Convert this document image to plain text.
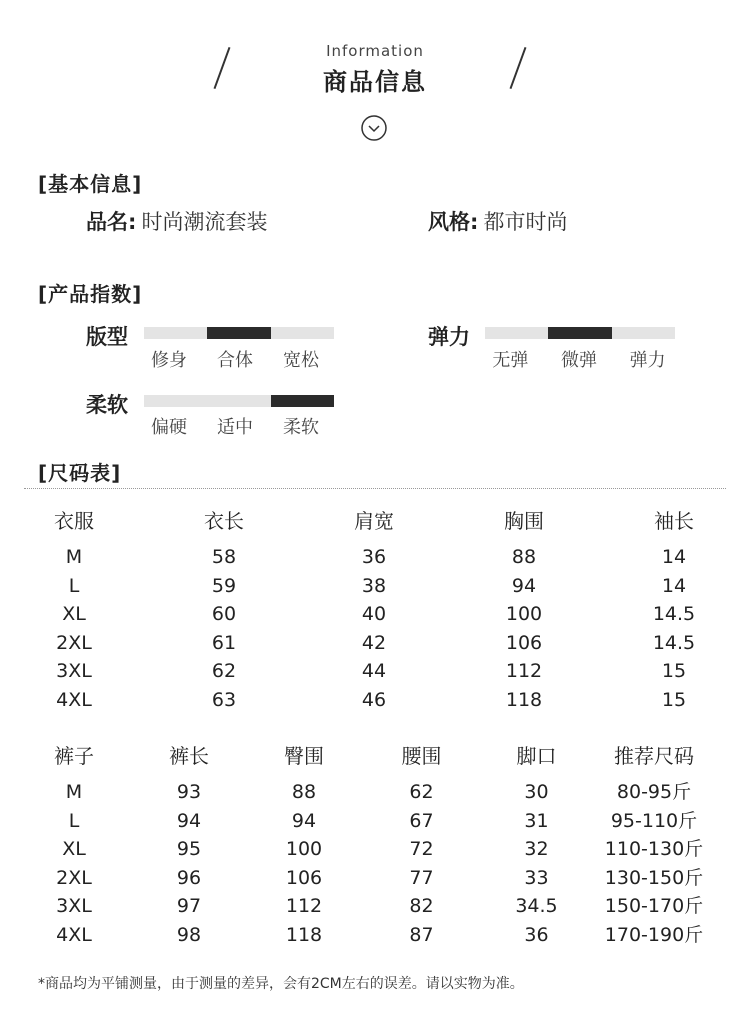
Information
商品信息
[基本信息]
品名: 时尚潮流套装	风格: 都市时尚
[产品指数]
版型
修身	合体	宽松
弹力
无弹	微弹	弹力
柔软
偏硬	适中	柔软
[尺码表]
衣服	衣长	肩宽	胸围	袖长
M	58	36	88	14
L	59	38	94	14
XL	60	40	100	14.5
2XL	61	42	106	14.5
3XL	62	44	112	15
4XL	63	46	118	15
裤子	裤长	臀围	腰围	脚口	推荐尺码
M	93	88	62	30	80-95斤
L	94	94	67	31	95-110斤
XL	95	100	72	32	110-130斤
2XL	96	106	77	33	130-150斤
3XL	97	112	82	34.5	150-170斤
4XL	98	118	87	36	170-190斤
*商品均为平铺测量，由于测量的差异，会有2CM左右的误差。请以实物为准。
